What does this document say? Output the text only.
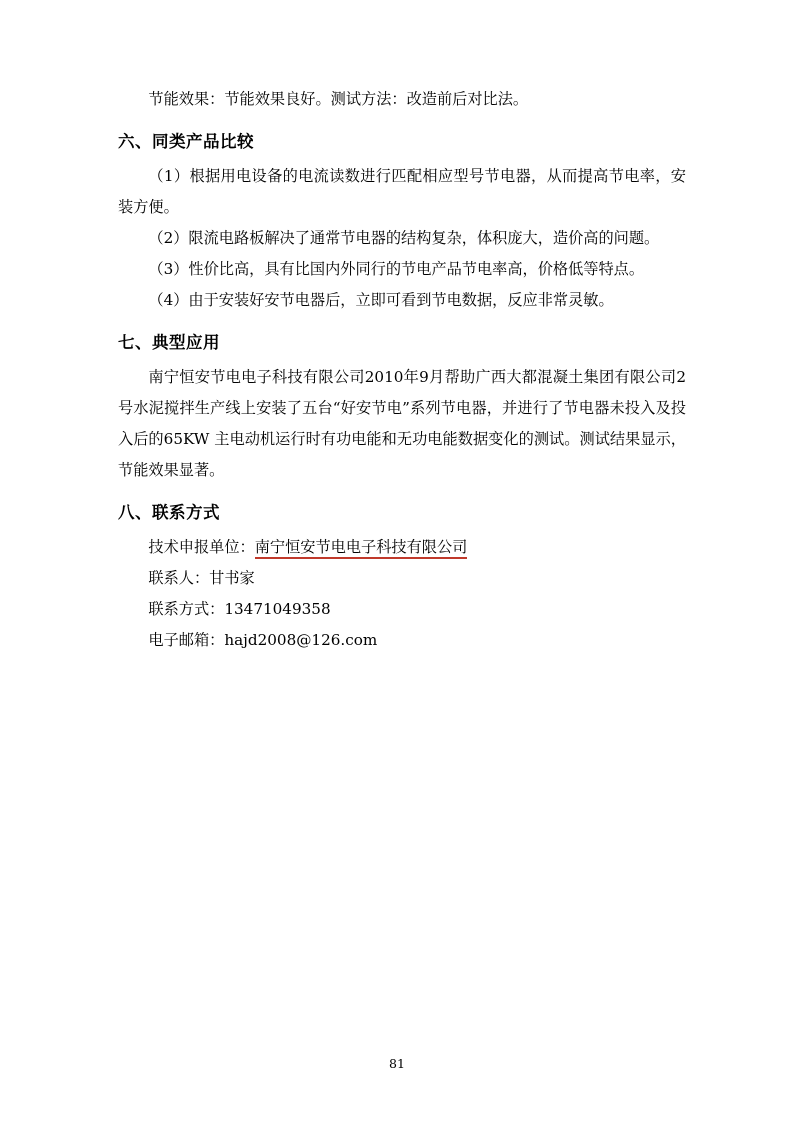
节能效果：节能效果良好。测试方法：改造前后对比法。

六、同类产品比较

（1）根据用电设备的电流读数进行匹配相应型号节电器，从而提高节电率，安装方便。

（2）限流电路板解决了通常节电器的结构复杂，体积庞大，造价高的问题。

（3）性价比高，具有比国内外同行的节电产品节电率高，价格低等特点。

（4）由于安装好安节电器后，立即可看到节电数据，反应非常灵敏。

七、典型应用

南宁恒安节电电子科技有限公司2010年9月帮助广西大都混凝土集团有限公司2号水泥搅拌生产线上安装了五台“好安节电”系列节电器，并进行了节电器未投入及投入后的65KW 主电动机运行时有功电能和无功电能数据变化的测试。测试结果显示，节能效果显著。

八、联系方式
技术申报单位：南宁恒安节电电子科技有限公司
联系人：甘书家
联系方式：13471049358
电子邮箱：hajd2008@126.com
81
